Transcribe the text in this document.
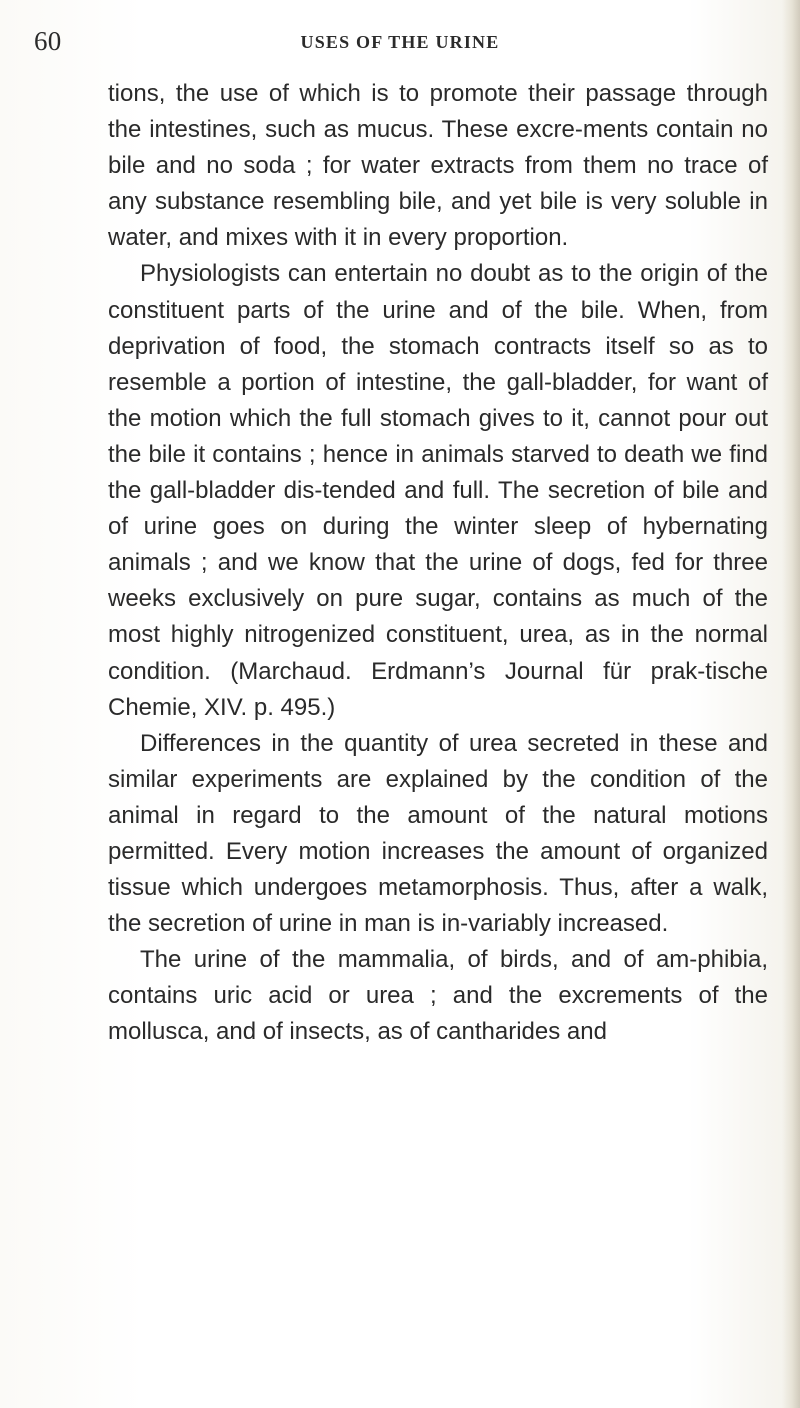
60	USES OF THE URINE

tions, the use of which is to promote their passage through the intestines, such as mucus. These excre-ments contain no bile and no soda ; for water extracts from them no trace of any substance resembling bile, and yet bile is very soluble in water, and mixes with it in every proportion.

Physiologists can entertain no doubt as to the origin of the constituent parts of the urine and of the bile. When, from deprivation of food, the stomach contracts itself so as to resemble a portion of intestine, the gall-bladder, for want of the motion which the full stomach gives to it, cannot pour out the bile it contains ; hence in animals starved to death we find the gall-bladder dis-tended and full. The secretion of bile and of urine goes on during the winter sleep of hybernating animals ; and we know that the urine of dogs, fed for three weeks exclusively on pure sugar, contains as much of the most highly nitrogenized constituent, urea, as in the normal condition. (Marchaud. Erdmann’s Journal für prak-tische Chemie, XIV. p. 495.)

Differences in the quantity of urea secreted in these and similar experiments are explained by the condition of the animal in regard to the amount of the natural motions permitted. Every motion increases the amount of organized tissue which undergoes metamorphosis. Thus, after a walk, the secretion of urine in man is in-variably increased.

The urine of the mammalia, of birds, and of am-phibia, contains uric acid or urea ; and the excrements of the mollusca, and of insects, as of cantharides and
